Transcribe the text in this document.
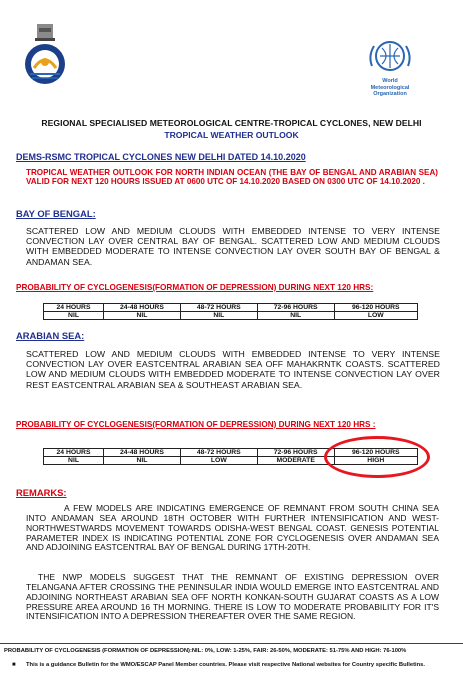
World
Meteorological
Organization
REGIONAL SPECIALISED METEOROLOGICAL CENTRE-TROPICAL CYCLONES, NEW DELHI
TROPICAL WEATHER OUTLOOK
DEMS-RSMC TROPICAL CYCLONES NEW DELHI DATED 14.10.2020
TROPICAL WEATHER OUTLOOK FOR NORTH INDIAN OCEAN (THE BAY OF BENGAL AND ARABIAN SEA) VALID FOR NEXT 120 HOURS ISSUED AT 0600 UTC OF 14.10.2020 BASED ON 0300 UTC OF 14.10.2020 .
BAY OF BENGAL:
SCATTERED LOW AND MEDIUM CLOUDS WITH EMBEDDED INTENSE TO VERY INTENSE CONVECTION LAY OVER CENTRAL BAY OF BENGAL. SCATTERED LOW AND MEDIUM CLOUDS WITH EMBEDDED MODERATE TO INTENSE CONVECTION LAY OVER SOUTH BAY OF BENGAL & ANDAMAN SEA.
PROBABILITY OF CYCLOGENESIS(FORMATION OF DEPRESSION) DURING NEXT 120 HRS:
24 HOURS	24-48 HOURS	48-72 HOURS	72-96 HOURS	96-120 HOURS
NIL	NIL	NIL	NIL	LOW
ARABIAN SEA:
SCATTERED LOW AND MEDIUM CLOUDS WITH EMBEDDED INTENSE TO VERY INTENSE CONVECTION LAY OVER EASTCENTRAL ARABIAN SEA OFF MAHAKRNTK COASTS. SCATTERED LOW AND MEDIUM CLOUDS WITH EMBEDDED MODERATE TO INTENSE CONVECTION LAY OVER REST EASTCENTRAL ARABIAN SEA & SOUTHEAST ARABIAN SEA.
PROBABILITY OF CYCLOGENESIS(FORMATION OF DEPRESSION) DURING NEXT 120 HRS :
24 HOURS	24-48 HOURS	48-72 HOURS	72-96 HOURS	96-120 HOURS
NIL	NIL	LOW	MODERATE	HIGH
REMARKS:
A FEW MODELS ARE INDICATING EMERGENCE OF REMNANT FROM SOUTH CHINA SEA INTO ANDAMAN SEA AROUND 18TH OCTOBER WITH FURTHER INTENSIFICATION AND WEST-NORTHWESTWARDS MOVEMENT TOWARDS ODISHA-WEST BENGAL COAST. GENESIS POTENTIAL PARAMETER INDEX IS INDICATING POTENTIAL ZONE FOR CYCLOGENESIS OVER ANDAMAN SEA AND ADJOINING EASTCENTRAL BAY OF BENGAL DURING 17TH-20TH.
THE NWP MODELS SUGGEST THAT THE REMNANT OF EXISTING DEPRESSION OVER TELANGANA AFTER CROSSING THE PENINSULAR INDIA WOULD EMERGE INTO EASTCENTRAL AND ADJOINING NORTHEAST ARABIAN SEA OFF NORTH KONKAN-SOUTH GUJARAT COASTS AS A LOW PRESSURE AREA AROUND 16 TH MORNING. THERE IS LOW TO MODERATE PROBABILITY FOR IT'S INTENSIFICATION INTO A DEPRESSION THEREAFTER OVER THE SAME REGION.
PROBABILITY OF CYCLOGENESIS (FORMATION OF DEPRESSION):NIL: 0%, LOW: 1-25%, FAIR: 26-50%, MODERATE: 51-75% AND HIGH: 76-100%
■ This is a guidance Bulletin for the WMO/ESCAP Panel Member countries. Please visit respective National websites for Country specific Bulletins.
